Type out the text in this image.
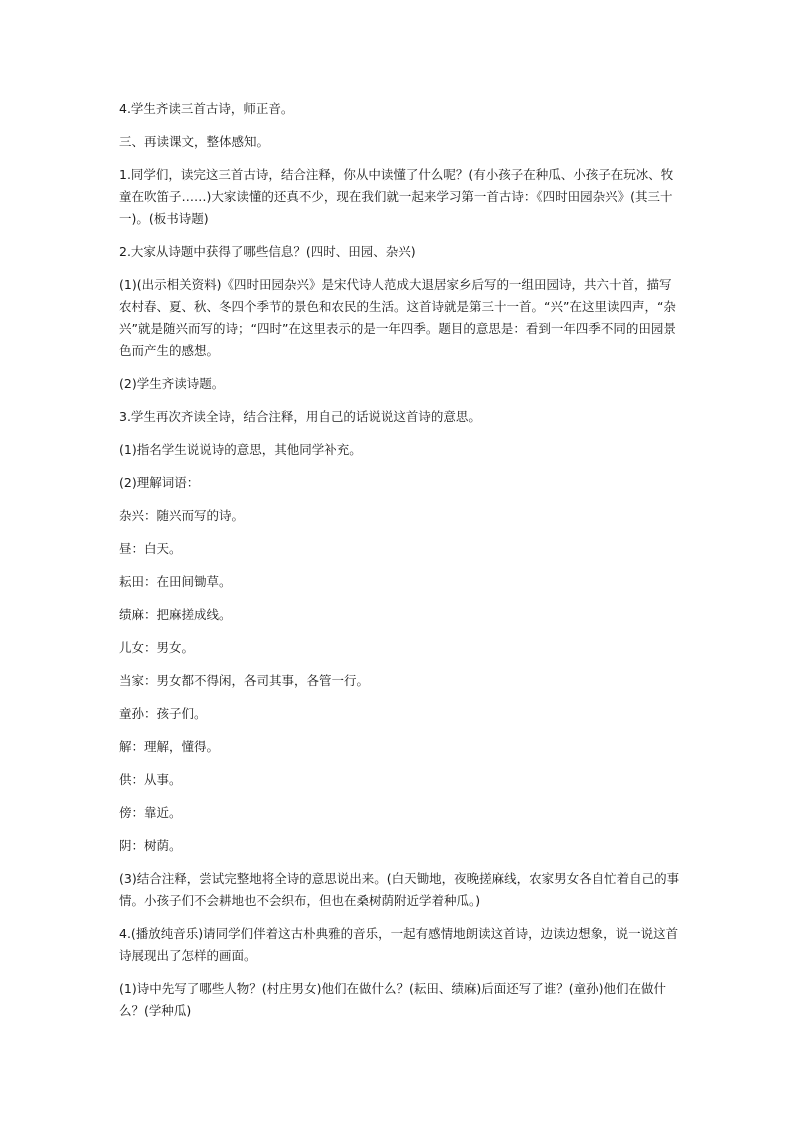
4.学生齐读三首古诗，师正音。

三、再读课文，整体感知。

1.同学们，读完这三首古诗，结合注释，你从中读懂了什么呢？(有小孩子在种瓜、小孩子在玩冰、牧童在吹笛子……)大家读懂的还真不少，现在我们就一起来学习第一首古诗：《四时田园杂兴》(其三十一)。(板书诗题)

2.大家从诗题中获得了哪些信息？(四时、田园、杂兴)

(1)(出示相关资料)《四时田园杂兴》是宋代诗人范成大退居家乡后写的一组田园诗，共六十首，描写农村春、夏、秋、冬四个季节的景色和农民的生活。这首诗就是第三十一首。“兴”在这里读四声，“杂兴”就是随兴而写的诗；“四时”在这里表示的是一年四季。题目的意思是：看到一年四季不同的田园景色而产生的感想。

(2)学生齐读诗题。

3.学生再次齐读全诗，结合注释，用自己的话说说这首诗的意思。

(1)指名学生说说诗的意思，其他同学补充。

(2)理解词语：

杂兴：随兴而写的诗。

昼：白天。

耘田：在田间锄草。

绩麻：把麻搓成线。

儿女：男女。

当家：男女都不得闲，各司其事，各管一行。

童孙：孩子们。

解：理解，懂得。

供：从事。

傍：靠近。

阴：树荫。

(3)结合注释，尝试完整地将全诗的意思说出来。(白天锄地，夜晚搓麻线，农家男女各自忙着自己的事情。小孩子们不会耕地也不会织布，但也在桑树荫附近学着种瓜。)

4.(播放纯音乐)请同学们伴着这古朴典雅的音乐，一起有感情地朗读这首诗，边读边想象，说一说这首诗展现出了怎样的画面。

(1)诗中先写了哪些人物？(村庄男女)他们在做什么？(耘田、绩麻)后面还写了谁？(童孙)他们在做什么？(学种瓜)
